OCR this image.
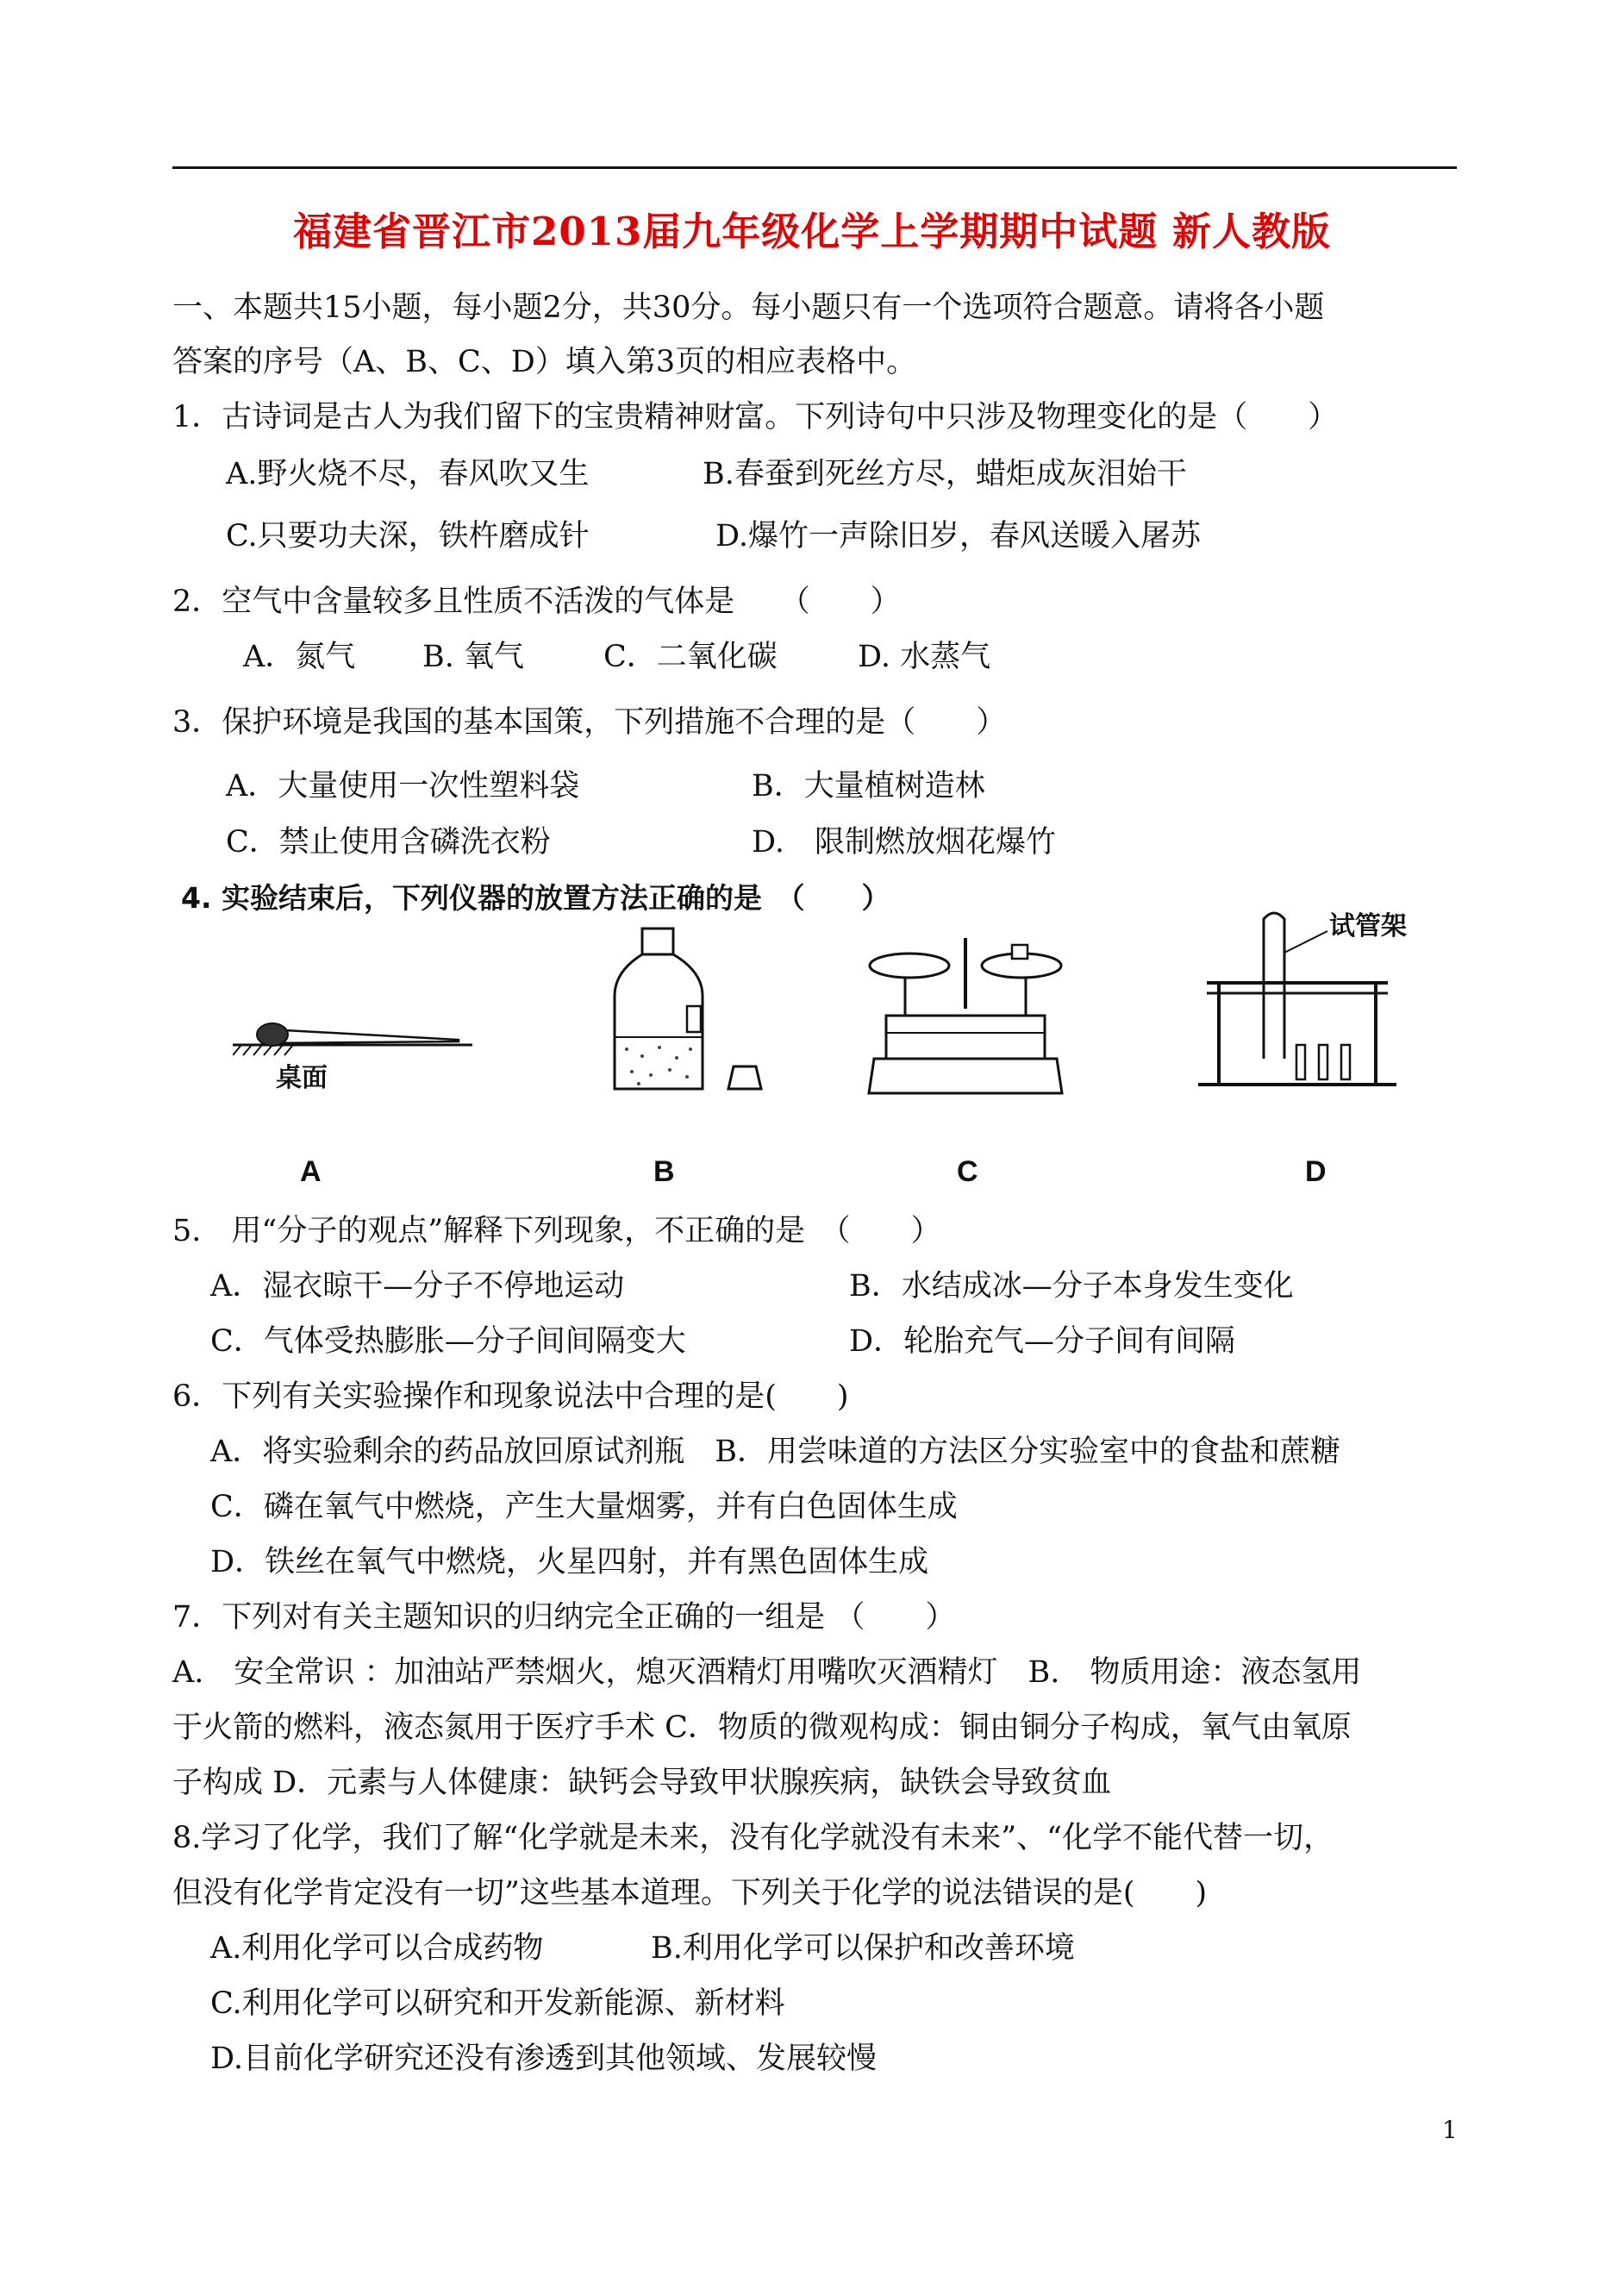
福建省晋江市2013届九年级化学上学期期中试题 新人教版
一、本题共15小题，每小题2分，共30分。每小题只有一个选项符合题意。请将各小题
答案的序号（A、B、C、D）填入第3页的相应表格中。
1．古诗词是古人为我们留下的宝贵精神财富。下列诗句中只涉及物理变化的是（　　）
A.野火烧不尽，春风吹又生	B.春蚕到死丝方尽，蜡炬成灰泪始干
C.只要功夫深，铁杵磨成针	D.爆竹一声除旧岁，春风送暖入屠苏
2．空气中含量较多且性质不活泼的气体是　　（　　）
A．氮气 B. 氧气	C．二氧化碳	D. 水蒸气
3．保护环境是我国的基本国策，下列措施不合理的是（　　）
A．大量使用一次性塑料袋	B．大量植树造林
C．禁止使用含磷洗衣粉	D.　限制燃放烟花爆竹
4. 实验结束后，下列仪器的放置方法正确的是　（　　）
桌面
试管架
A	B	C	D
5.　用“分子的观点”解释下列现象，不正确的是　（　　）
A．湿衣晾干—分子不停地运动	B．水结成冰—分子本身发生变化
C．气体受热膨胀—分子间间隔变大	D．轮胎充气—分子间有间隔
6．下列有关实验操作和现象说法中合理的是(　　)
A．将实验剩余的药品放回原试剂瓶　B．用尝味道的方法区分实验室中的食盐和蔗糖
C．磷在氧气中燃烧，产生大量烟雾，并有白色固体生成
D．铁丝在氧气中燃烧，火星四射，并有黑色固体生成
7．下列对有关主题知识的归纳完全正确的一组是 （　　）
A.　安全常识 ：加油站严禁烟火，熄灭酒精灯用嘴吹灭酒精灯　B.　物质用途：液态氢用
于火箭的燃料，液态氮用于医疗手术 C．物质的微观构成：铜由铜分子构成，氧气由氧原
子构成 D．元素与人体健康：缺钙会导致甲状腺疾病，缺铁会导致贫血
8.学习了化学，我们了解“化学就是未来，没有化学就没有未来”、“化学不能代替一切，
但没有化学肯定没有一切”这些基本道理。下列关于化学的说法错误的是(　　)
A.利用化学可以合成药物	B.利用化学可以保护和改善环境
C.利用化学可以研究和开发新能源、新材料
D.目前化学研究还没有渗透到其他领域、发展较慢
1
